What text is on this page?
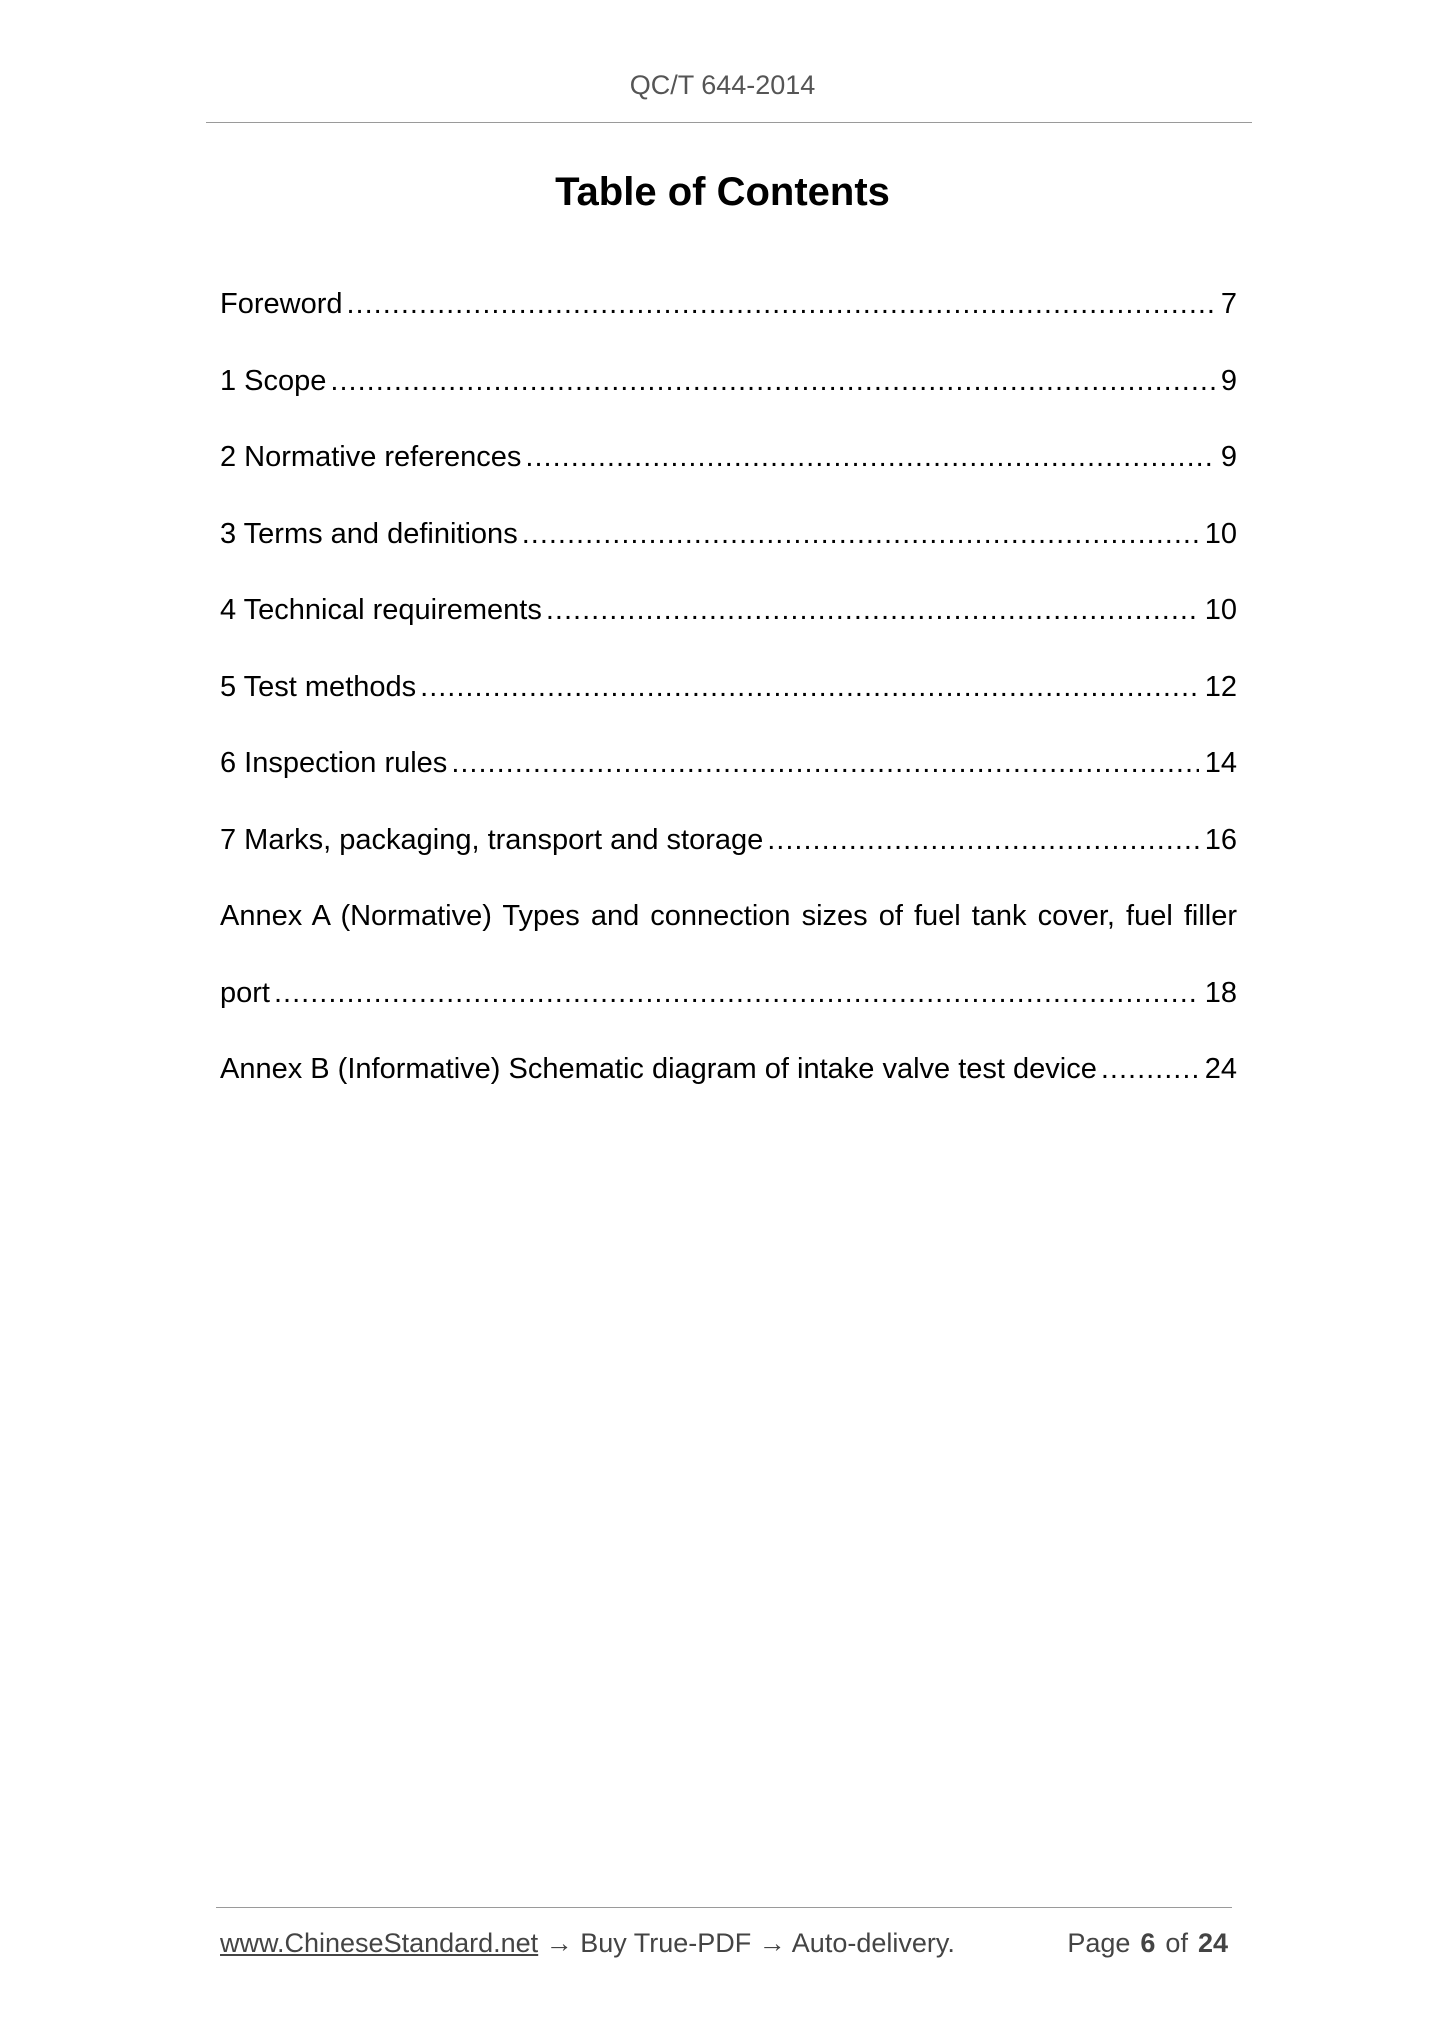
QC/T 644-2014
Table of Contents
Foreword .....	7
1 Scope .....	9
2 Normative references .....	9
3 Terms and definitions .....	10
4 Technical requirements .....	10
5 Test methods .....	12
6 Inspection rules .....	14
7 Marks, packaging, transport and storage .....	16
Annex A (Normative) Types and connection sizes of fuel tank cover, fuel filler
port .....	18
Annex B (Informative) Schematic diagram of intake valve test device .....	24
www.ChineseStandard.net → Buy True-PDF → Auto-delivery.	Page 6 of 24
